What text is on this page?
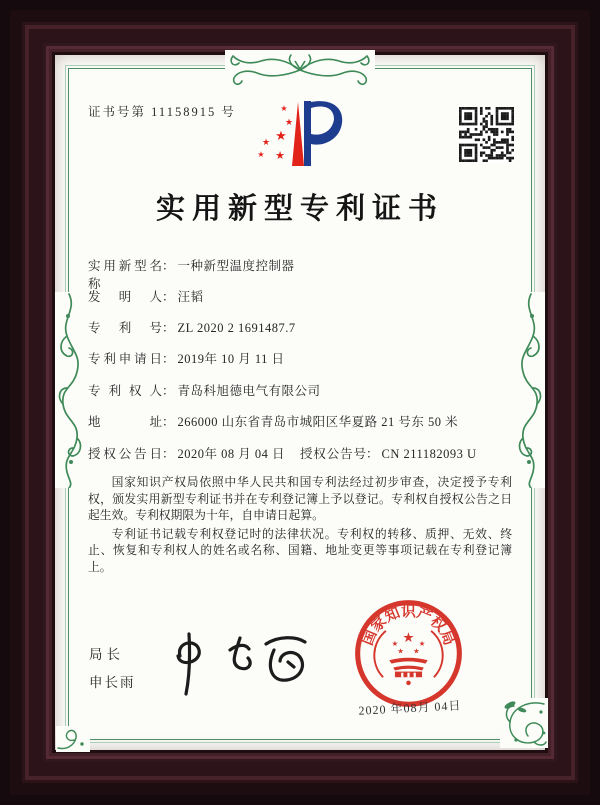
证书号第 11158915 号	★
★
★
★
★ ★
实用新型专利证书
实用新型名称： 一种新型温度控制器
发明人： 汪韬
专利号： ZL 2020 2 1691487.7
专利申请日： 2019年 10 月 11 日
专利权人： 青岛科旭德电气有限公司
地址： 266000 山东省青岛市城阳区华夏路 21 号东 50 米
授权公告日： 2020年 08 月 04 日 授权公告号： CN 211182093 U

国家知识产权局依照中华人民共和国专利法经过初步审查，决定授予专利权，颁发实用新型专利证书并在专利登记簿上予以登记。专利权自授权公告之日起生效。专利权期限为十年，自申请日起算。

专利证书记载专利权登记时的法律状况。专利权的转移、质押、无效、终止、恢复和专利权人的姓名或名称、国籍、地址变更等事项记载在专利登记簿上。

局长
申长雨
国家知识产权局
★
★ ★
★ ★
2020 年08月 04日
